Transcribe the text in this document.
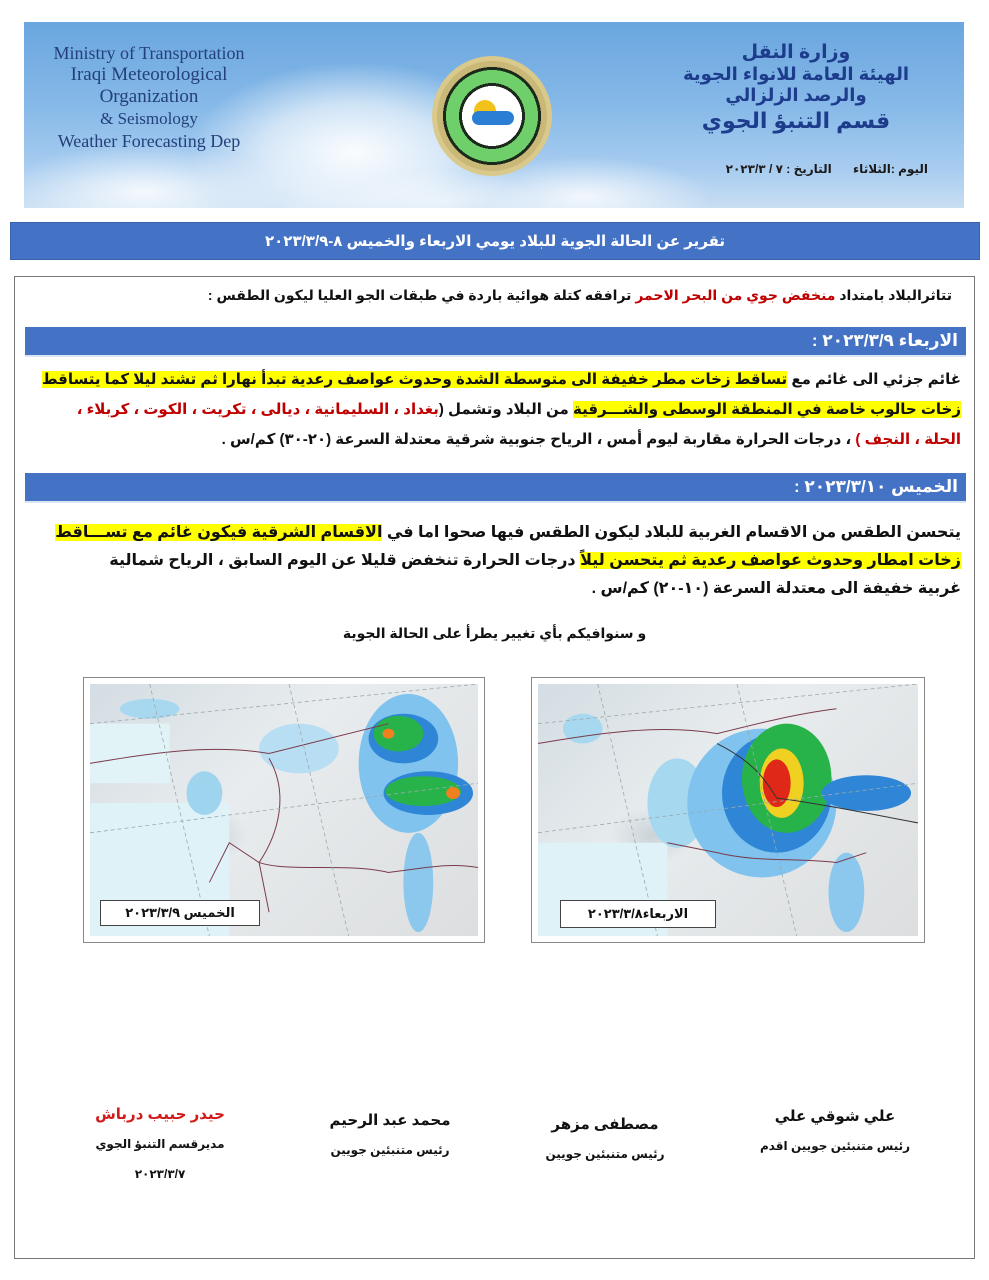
Ministry of Transportation
Iraqi Meteorological Organization
& Seismology
Weather Forecasting Dep
وزارة النقل
الهيئة العامة للانواء الجوية
والرصد الزلزالي
قسم التنبؤ الجوي
اليوم :الثلاثاء التاريخ : ٧ / ٢٠٢٣/٣
تقرير عن الحالة الجوية للبلاد يومي الاربعاء والخميس ٨-٢٠٢٣/٣/٩
تتاثرالبلاد بامتداد منخفض جوي من البحر الاحمر ترافقه كتلة هوائية باردة في طبقات الجو العليا ليكون الطقس :
الاربعاء ٢٠٢٣/٣/٩ :
غائم جزئي الى غائم مع تساقط زخات مطر خفيفة الى متوسطة الشدة وحدوث عواصف رعدية تبدأ نهارا ثم تشتد ليلا كما يتساقط
زخات حالوب خاصة في المنطقة الوسطى والشـــرقية من البلاد وتشمل (بغداد ، السليمانية ، ديالى ، تكريت ، الكوت ، كربلاء ،
الحلة ، النجف ) ، درجات الحرارة مقاربة ليوم أمس ، الرياح جنوبية شرقية معتدلة السرعة (٢٠-٣٠) كم/س .
الخميس ٢٠٢٣/٣/١٠ :
يتحسن الطقس من الاقسام الغربية للبلاد ليكون الطقس فيها صحوا اما في الاقسام الشرقية فيكون غائم مع تســـاقط
زخات امطار وحدوث عواصف رعدية ثم يتحسن ليلاً درجات الحرارة تنخفض قليلا عن اليوم السابق ، الرياح شمالية
غربية خفيفة الى معتدلة السرعة (١٠-٢٠) كم/س .
و سنوافيكم بأي تغيير يطرأ على الحالة الجوية
الخميس ٢٠٢٣/٣/٩	الاربعاء٢٠٢٣/٣/٨
حيدر حبيب درباش
مديرقسم التنبؤ الجوي
٢٠٢٣/٣/٧
محمد عبد الرحيم
رئيس متنبئين جويين
مصطفى مزهر
رئيس متنبئين جويين
علي شوقي علي
رئيس متنبئين جويين اقدم
